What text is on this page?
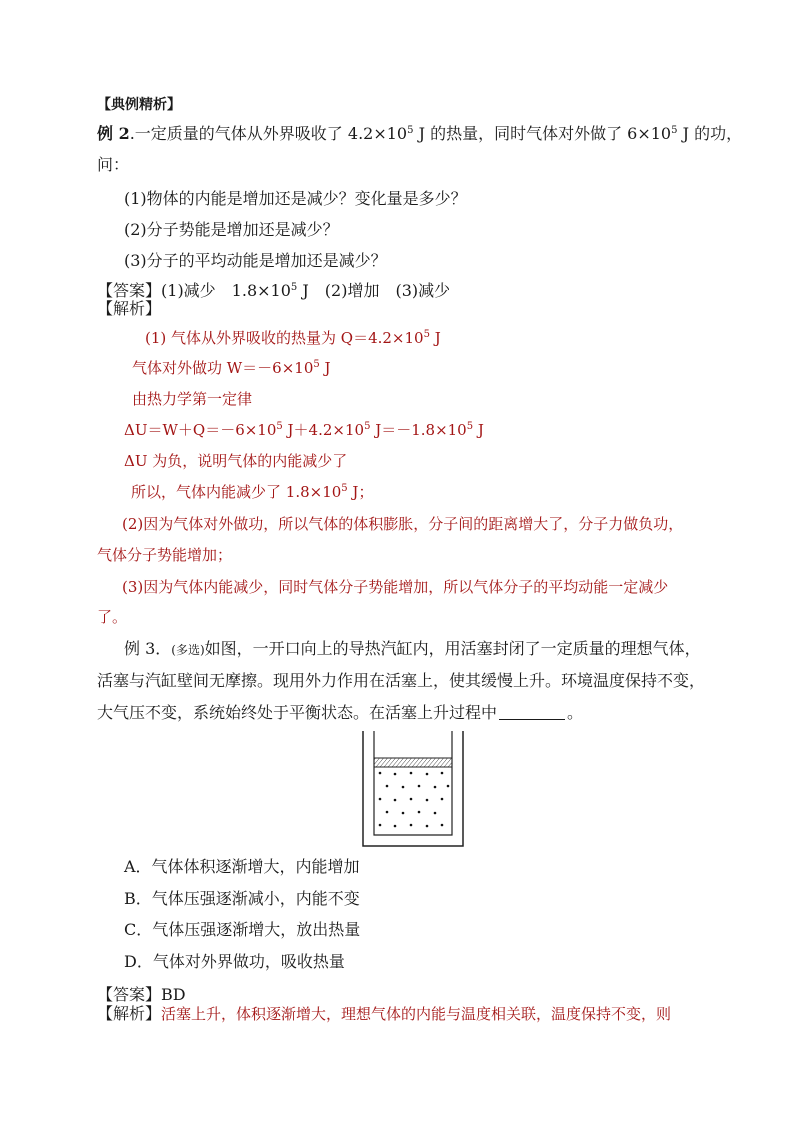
【典例精析】
例 2.一定质量的气体从外界吸收了 $4.2\times 10^5$ J 的热量，同时气体对外做了 $6\times 10^5$ J 的功，
问：
(1)物体的内能是增加还是减少？变化量是多少？
(2)分子势能是增加还是减少？
(3)分子的平均动能是增加还是减少？
【答案】(1)减少　$1.8\times 10^5$ J　(2)增加　(3)减少
【解析】
(1) 气体从外界吸收的热量为 $Q=4.2\times 10^5$ J
气体对外做功 $W=-6\times 10^5$ J
由热力学第一定律
$\Delta U=W+Q=-6\times 10^5$ $J+4.2\times 10^5$ $J=-1.8\times 10^5$ J
ΔU 为负，说明气体的内能减少了
所以，气体内能减少了 $1.8\times 10^5$ J；
(2)因为气体对外做功，所以气体的体积膨胀，分子间的距离增大了，分子力做负功，
气体分子势能增加；
(3)因为气体内能减少，同时气体分子势能增加，所以气体分子的平均动能一定减少
了。
例 3．(多选)如图，一开口向上的导热汽缸内，用活塞封闭了一定质量的理想气体，
活塞与汽缸壁间无摩擦。现用外力作用在活塞上，使其缓慢上升。环境温度保持不变，
大气压不变，系统始终处于平衡状态。在活塞上升过程中	。
A．气体体积逐渐增大，内能增加
B．气体压强逐渐减小，内能不变
C．气体压强逐渐增大，放出热量
D．气体对外界做功，吸收热量
【答案】BD
【解析】活塞上升，体积逐渐增大，理想气体的内能与温度相关联，温度保持不变，则
